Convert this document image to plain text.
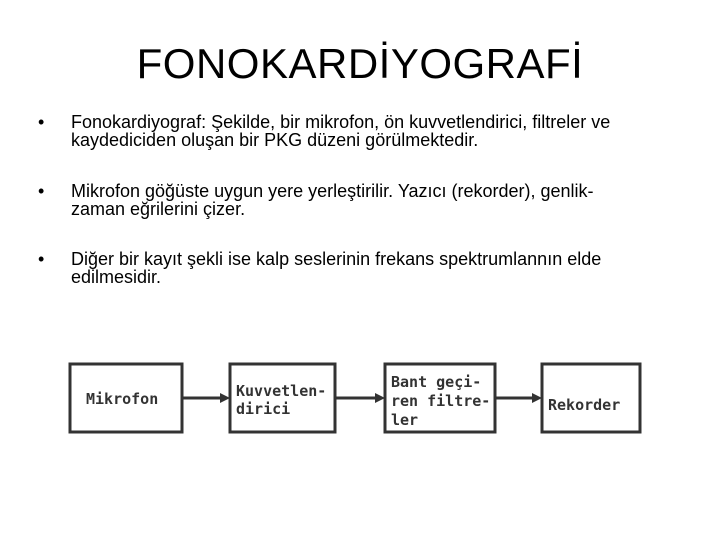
FONOKARDİYOGRAFİ
•	Fonokardiyograf: Şekilde, bir mikrofon, ön kuvvetlendirici, filtreler ve
kaydediciden oluşan bir PKG düzeni görülmektedir.
•	Mikrofon göğüste uygun yere yerleştirilir. Yazıcı (rekorder), genlik-
zaman eğrilerini çizer.
•	Diğer bir kayıt şekli ise kalp seslerinin frekans spektrumlannın elde
edilmesidir.
Mikrofon	Kuvvetlen-
dirici
Bant geçi-
ren filtre-
ler
Rekorder
